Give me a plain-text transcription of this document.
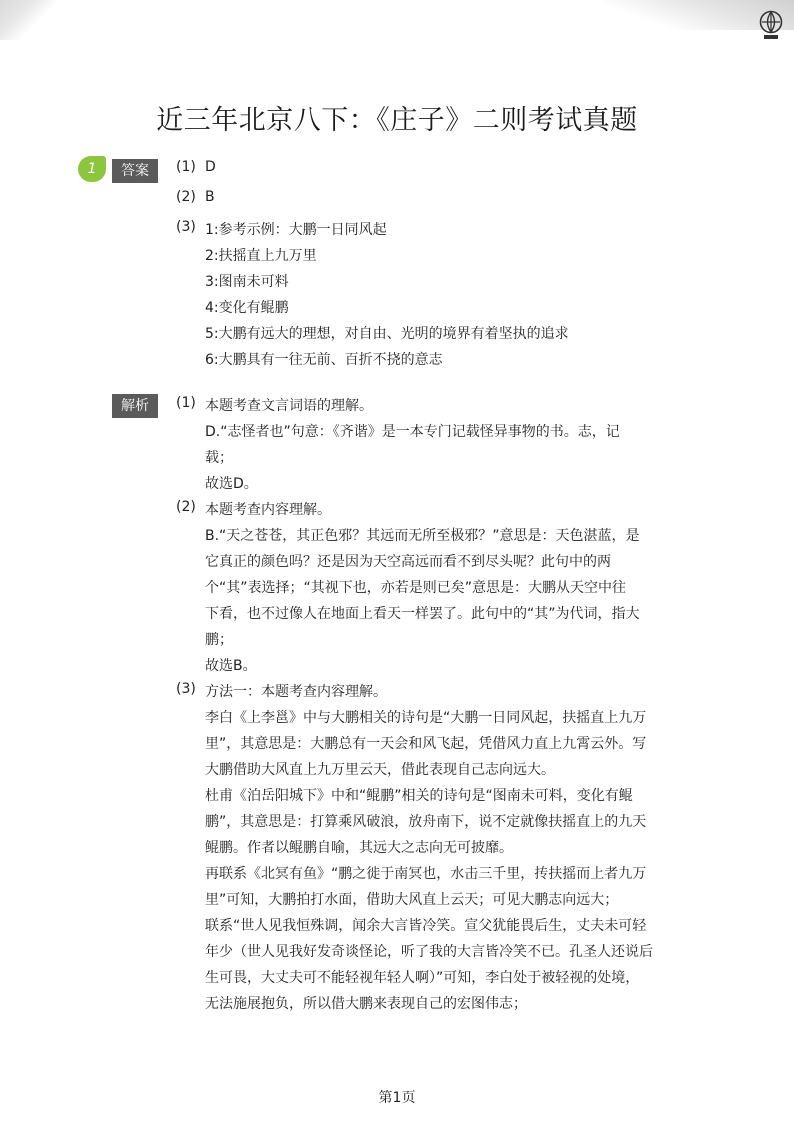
近三年北京八下：《庄子》二则考试真题
1	答案
解析
(1) D
(2) B
(3) 1:参考示例：大鹏一日同风起
2:扶摇直上九万里
3:图南未可料
4:变化有鲲鹏
5:大鹏有远大的理想，对自由、光明的境界有着坚执的追求
6:大鹏具有一往无前、百折不挠的意志
(1) 本题考查文言词语的理解。
D.“志怪者也”句意：《齐谐》是一本专门记载怪异事物的书。志，记
载；
故选D。
(2) 本题考查内容理解。
B.“天之苍苍，其正色邪？其远而无所至极邪？”意思是：天色湛蓝，是
它真正的颜色吗？还是因为天空高远而看不到尽头呢？此句中的两
个“其”表选择；“其视下也，亦若是则已矣”意思是：大鹏从天空中往
下看，也不过像人在地面上看天一样罢了。此句中的“其”为代词，指大
鹏；
故选B。
(3) 方法一：本题考查内容理解。
李白《上李邕》中与大鹏相关的诗句是“大鹏一日同风起，扶摇直上九万
里”，其意思是：大鹏总有一天会和风飞起，凭借风力直上九霄云外。写
大鹏借助大风直上九万里云天，借此表现自己志向远大。
杜甫《泊岳阳城下》中和“鲲鹏”相关的诗句是“图南未可料，变化有鲲
鹏”，其意思是：打算乘风破浪，放舟南下，说不定就像扶摇直上的九天
鲲鹏。作者以鲲鹏自喻，其远大之志向无可披靡。
再联系《北冥有鱼》“鹏之徙于南冥也，水击三千里，抟扶摇而上者九万
里”可知，大鹏拍打水面，借助大风直上云天；可见大鹏志向远大；
联系“世人见我恒殊调，闻余大言皆冷笑。宣父犹能畏后生，丈夫未可轻
年少（世人见我好发奇谈怪论，听了我的大言皆冷笑不已。孔圣人还说后
生可畏，大丈夫可不能轻视年轻人啊）”可知，李白处于被轻视的处境，
无法施展抱负，所以借大鹏来表现自己的宏图伟志；
第1页
